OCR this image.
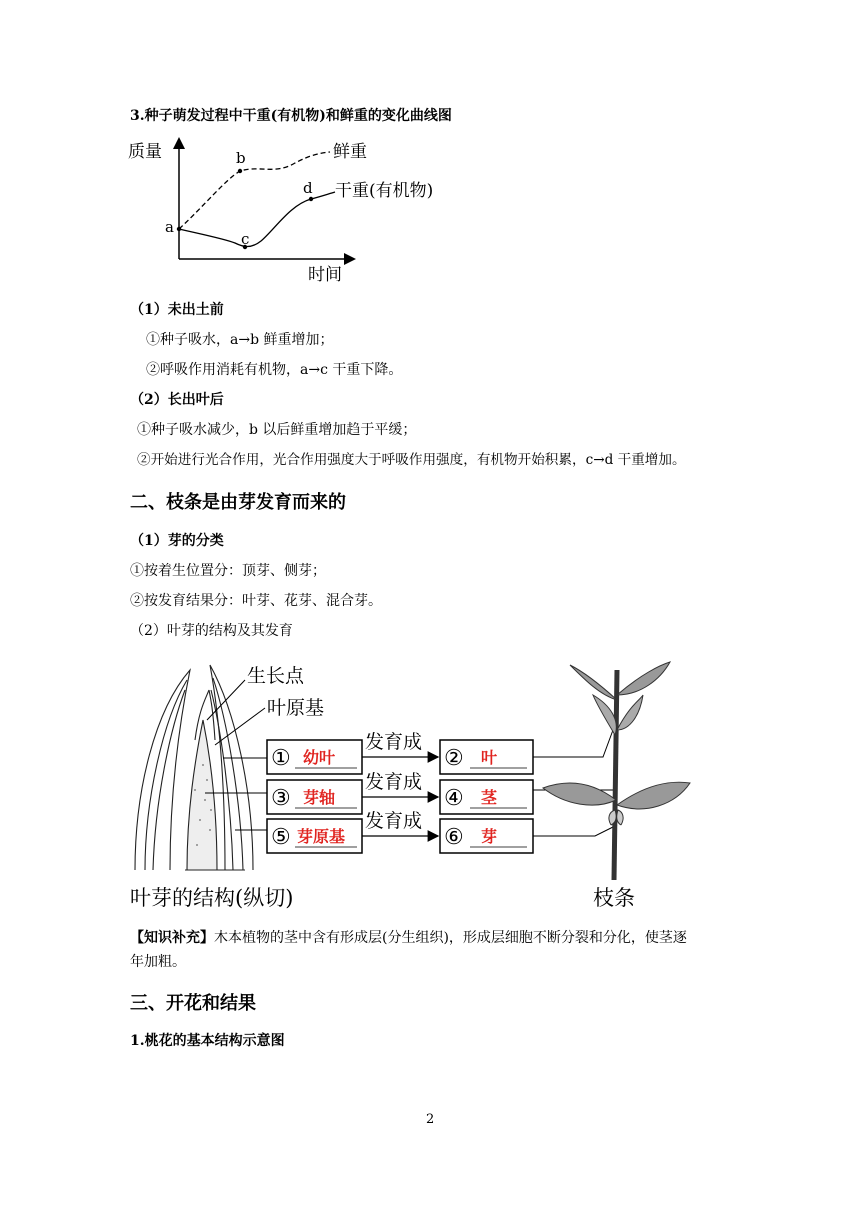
3.种子萌发过程中干重(有机物)和鲜重的变化曲线图
质量
时间
a
b
c
d
鲜重
干重(有机物)
（1）未出土前
①种子吸水，a→b 鲜重增加；
②呼吸作用消耗有机物，a→c 干重下降。
（2）长出叶后
①种子吸水减少，b 以后鲜重增加趋于平缓；
②开始进行光合作用，光合作用强度大于呼吸作用强度，有机物开始积累，c→d 干重增加。
二、枝条是由芽发育而来的
（1）芽的分类
①按着生位置分：顶芽、侧芽；
②按发育结果分：叶芽、花芽、混合芽。
（2）叶芽的结构及其发育
生长点
叶原基
发育成
发育成
发育成
① 幼叶
③ 芽轴
⑤ 芽原基
② 叶
④ 茎
⑥ 芽
叶芽的结构(纵切)	枝条
【知识补充】木本植物的茎中含有形成层(分生组织)，形成层细胞不断分裂和分化，使茎逐
年加粗。
三、开花和结果
1.桃花的基本结构示意图
2
